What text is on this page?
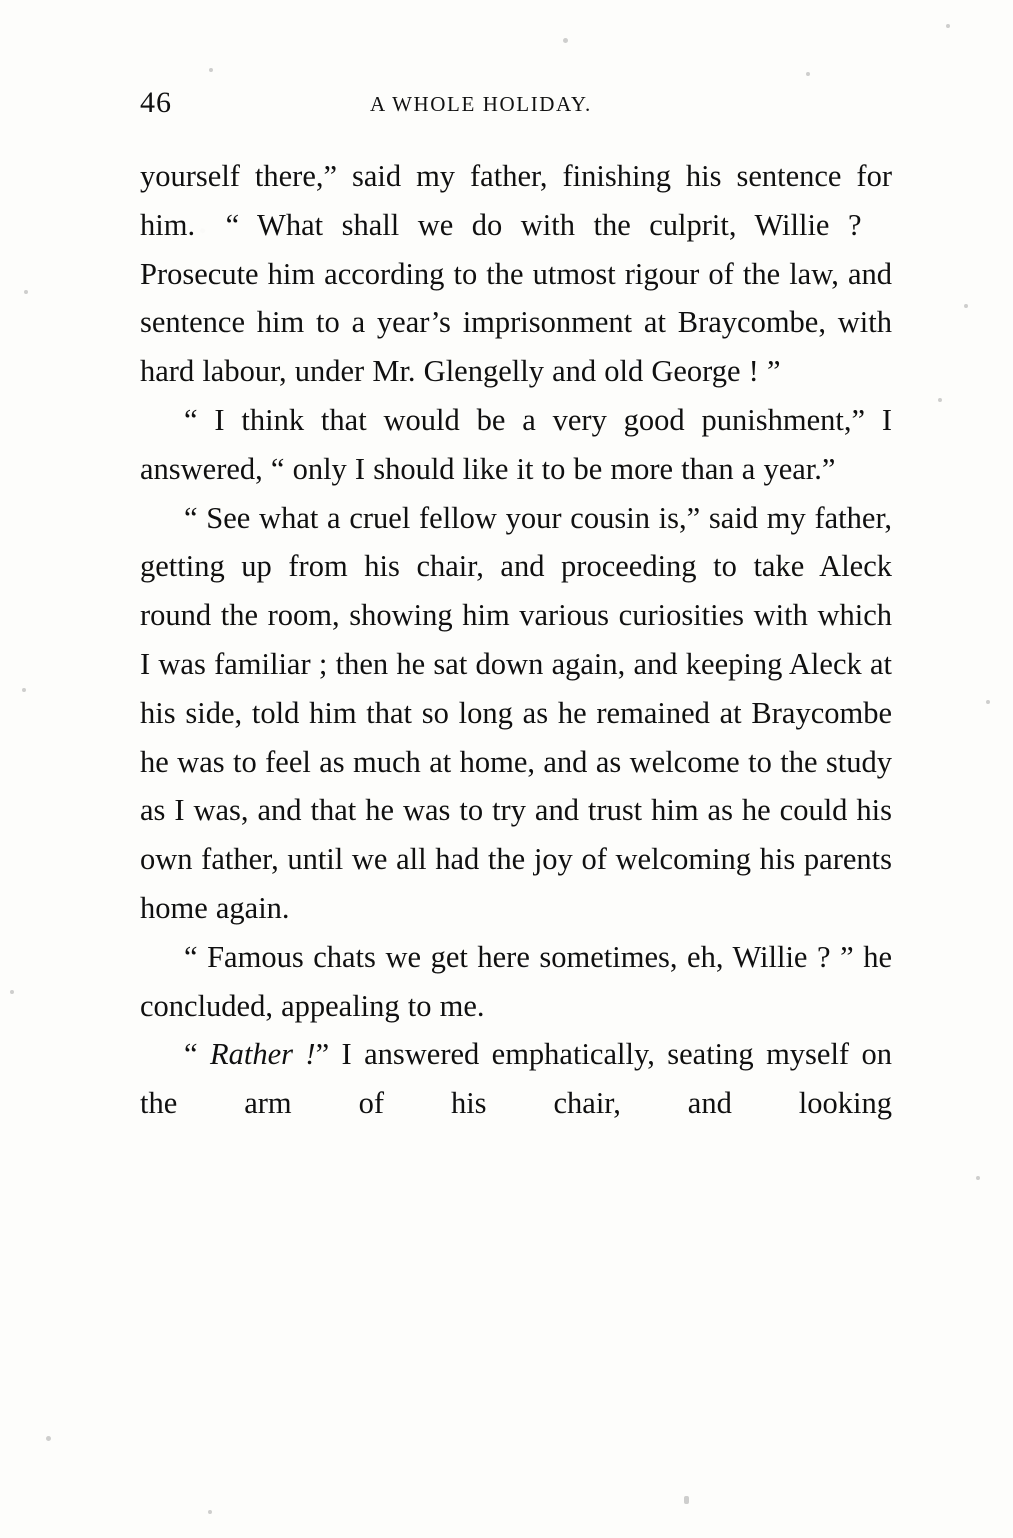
46	A WHOLE HOLIDAY.

yourself there,” said my father, finishing his sentence for him. “ What shall we do with the culprit, Willie ? Prosecute him according to the utmost rigour of the law, and sentence him to a year’s imprisonment at Braycombe, with hard labour, under Mr. Glengelly and old George ! ”

“ I think that would be a very good punishment,” I answered, “ only I should like it to be more than a year.”

“ See what a cruel fellow your cousin is,” said my father, getting up from his chair, and proceeding to take Aleck round the room, showing him various curiosities with which I was familiar ; then he sat down again, and keeping Aleck at his side, told him that so long as he remained at Braycombe he was to feel as much at home, and as welcome to the study as I was, and that he was to try and trust him as he could his own father, until we all had the joy of welcoming his parents home again.

“ Famous chats we get here sometimes, eh, Willie ? ” he concluded, appealing to me.

“ Rather !” I answered emphatically, seating myself on the arm of his chair, and looking
